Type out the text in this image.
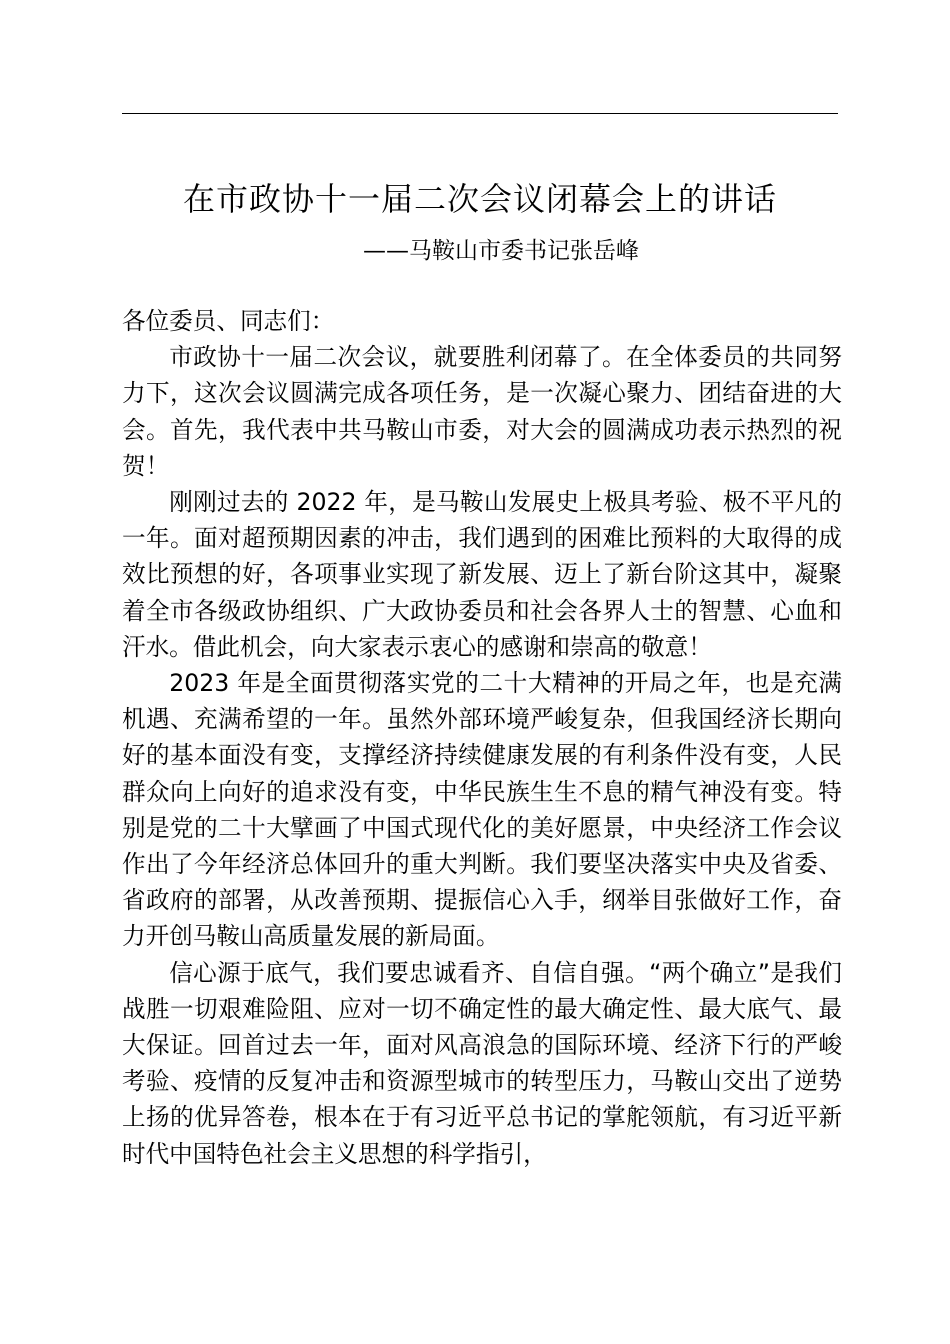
在市政协十一届二次会议闭幕会上的讲话
——马鞍山市委书记张岳峰

各位委员、同志们：

市政协十一届二次会议，就要胜利闭幕了。在全体委员的共同努力下，这次会议圆满完成各项任务，是一次凝心聚力、团结奋进的大会。首先，我代表中共马鞍山市委，对大会的圆满成功表示热烈的祝贺！

刚刚过去的 2022 年，是马鞍山发展史上极具考验、极不平凡的一年。面对超预期因素的冲击，我们遇到的困难比预料的大取得的成效比预想的好，各项事业实现了新发展、迈上了新台阶这其中，凝聚着全市各级政协组织、广大政协委员和社会各界人士的智慧、心血和汗水。借此机会，向大家表示衷心的感谢和崇高的敬意！

2023 年是全面贯彻落实党的二十大精神的开局之年，也是充满机遇、充满希望的一年。虽然外部环境严峻复杂，但我国经济长期向好的基本面没有变，支撑经济持续健康发展的有利条件没有变，人民群众向上向好的追求没有变，中华民族生生不息的精气神没有变。特别是党的二十大擘画了中国式现代化的美好愿景，中央经济工作会议作出了今年经济总体回升的重大判断。我们要坚决落实中央及省委、省政府的部署，从改善预期、提振信心入手，纲举目张做好工作，奋力开创马鞍山高质量发展的新局面。

信心源于底气，我们要忠诚看齐、自信自强。“两个确立”是我们战胜一切艰难险阻、应对一切不确定性的最大确定性、最大底气、最大保证。回首过去一年，面对风高浪急的国际环境、经济下行的严峻考验、疫情的反复冲击和资源型城市的转型压力，马鞍山交出了逆势上扬的优异答卷，根本在于有习近平总书记的掌舵领航，有习近平新时代中国特色社会主义思想的科学指引，
